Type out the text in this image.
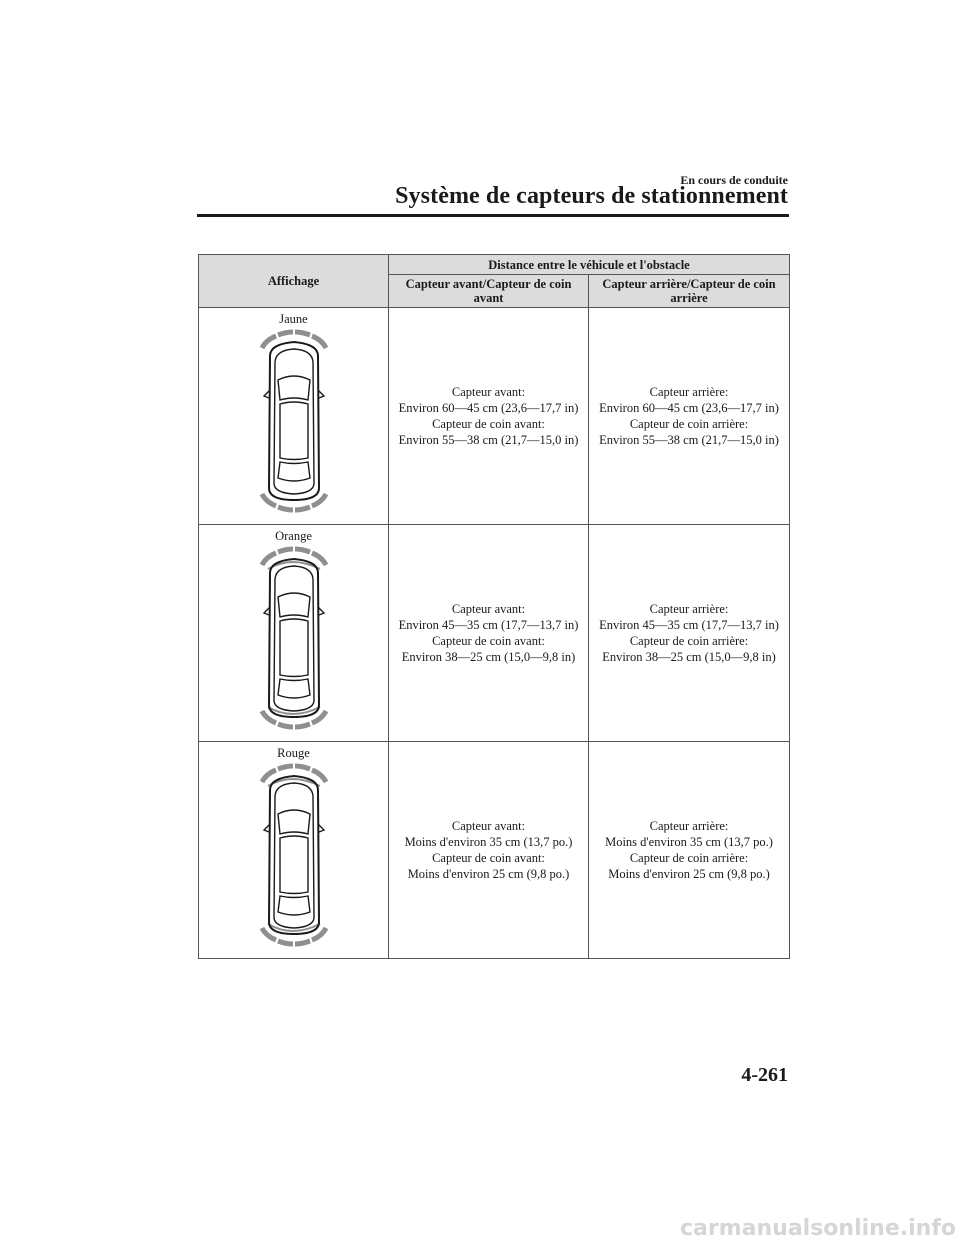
En cours de conduite
Système de capteurs de stationnement
Affichage	Distance entre le véhicule et l'obstacle	
	Capteur avant/Capteur de coin avant	Capteur arrière/Capteur de coin arrière

Jaune	Capteur avant:
Environ 60—45 cm (23,6—17,7 in)
Capteur de coin avant:
Environ 55—38 cm (21,7—15,0 in)	Capteur arrière:
Environ 60—45 cm (23,6—17,7 in)
Capteur de coin arrière:
Environ 55—38 cm (21,7—15,0 in)

Orange	Capteur avant:
Environ 45—35 cm (17,7—13,7 in)
Capteur de coin avant:
Environ 38—25 cm (15,0—9,8 in)	Capteur arrière:
Environ 45—35 cm (17,7—13,7 in)
Capteur de coin arrière:
Environ 38—25 cm (15,0—9,8 in)

Rouge	Capteur avant:
Moins d'environ 35 cm (13,7 po.)
Capteur de coin avant:
Moins d'environ 25 cm (9,8 po.)	Capteur arrière:
Moins d'environ 35 cm (13,7 po.)
Capteur de coin arrière:
Moins d'environ 25 cm (9,8 po.)
4-261
carmanualsonline.info
